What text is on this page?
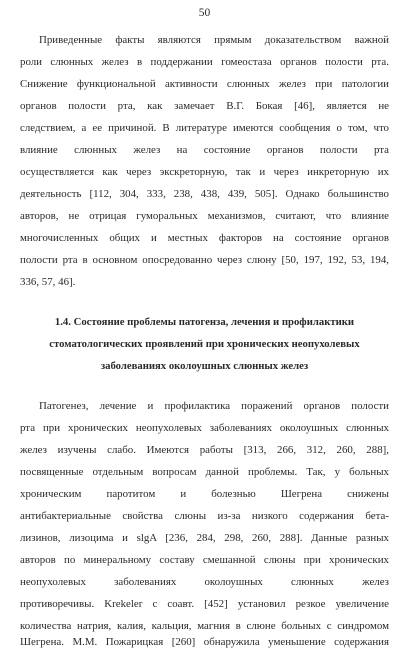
50
Приведенные факты являются прямым доказательством важной
роли слюнных желез в поддержании гомеостаза органов полости рта.
Снижение функциональной активности слюнных желез при патологии
органов полости рта, как замечает В.Г. Бокая [46], является не
следствием, а ее причиной. В литературе имеются сообщения о том, что
влияние слюнных желез на состояние органов полости рта
осуществляется как через экскреторную, так и через инкреторную их
деятельность [112, 304, 333, 238, 438, 439, 505]. Однако большинство
авторов, не отрицая гуморальных механизмов, считают, что влияние
многочисленных общих и местных факторов на состояние органов
полости рта в основном опосредованно через слюну [50, 197, 192, 53, 194,
336, 57, 46].
1.4. Состояние проблемы патогенза, лечения и профилактики
стоматологических проявлений при хронических неопухолевых
заболеваниях околоушных слюнных желез
Патогенез, лечение и профилактика поражений органов полости
рта при хронических неопухолевых заболеваниях околоушных слюнных
желез изучены слабо. Имеются работы [313, 266, 312, 260, 288],
посвященные отдельным вопросам данной проблемы. Так, у больных
хроническим паротитом и болезнью Шегрена снижены
антибактериальные свойства слюны из-за низкого содержания бета-
лизинов, лизоцима и slgA [236, 284, 298, 260, 288]. Данные разных
авторов по минеральному составу смешанной слюны при хронических
неопухолевых заболеваниях околоушных слюнных желез
противоречивы. Krekeler с соавт. [452] установил резкое увеличение
количества натрия, калия, кальция, магния в слюне больных с синдромом
Шегрена. М.М. Пожарицкая [260] обнаружила уменьшение содержания
